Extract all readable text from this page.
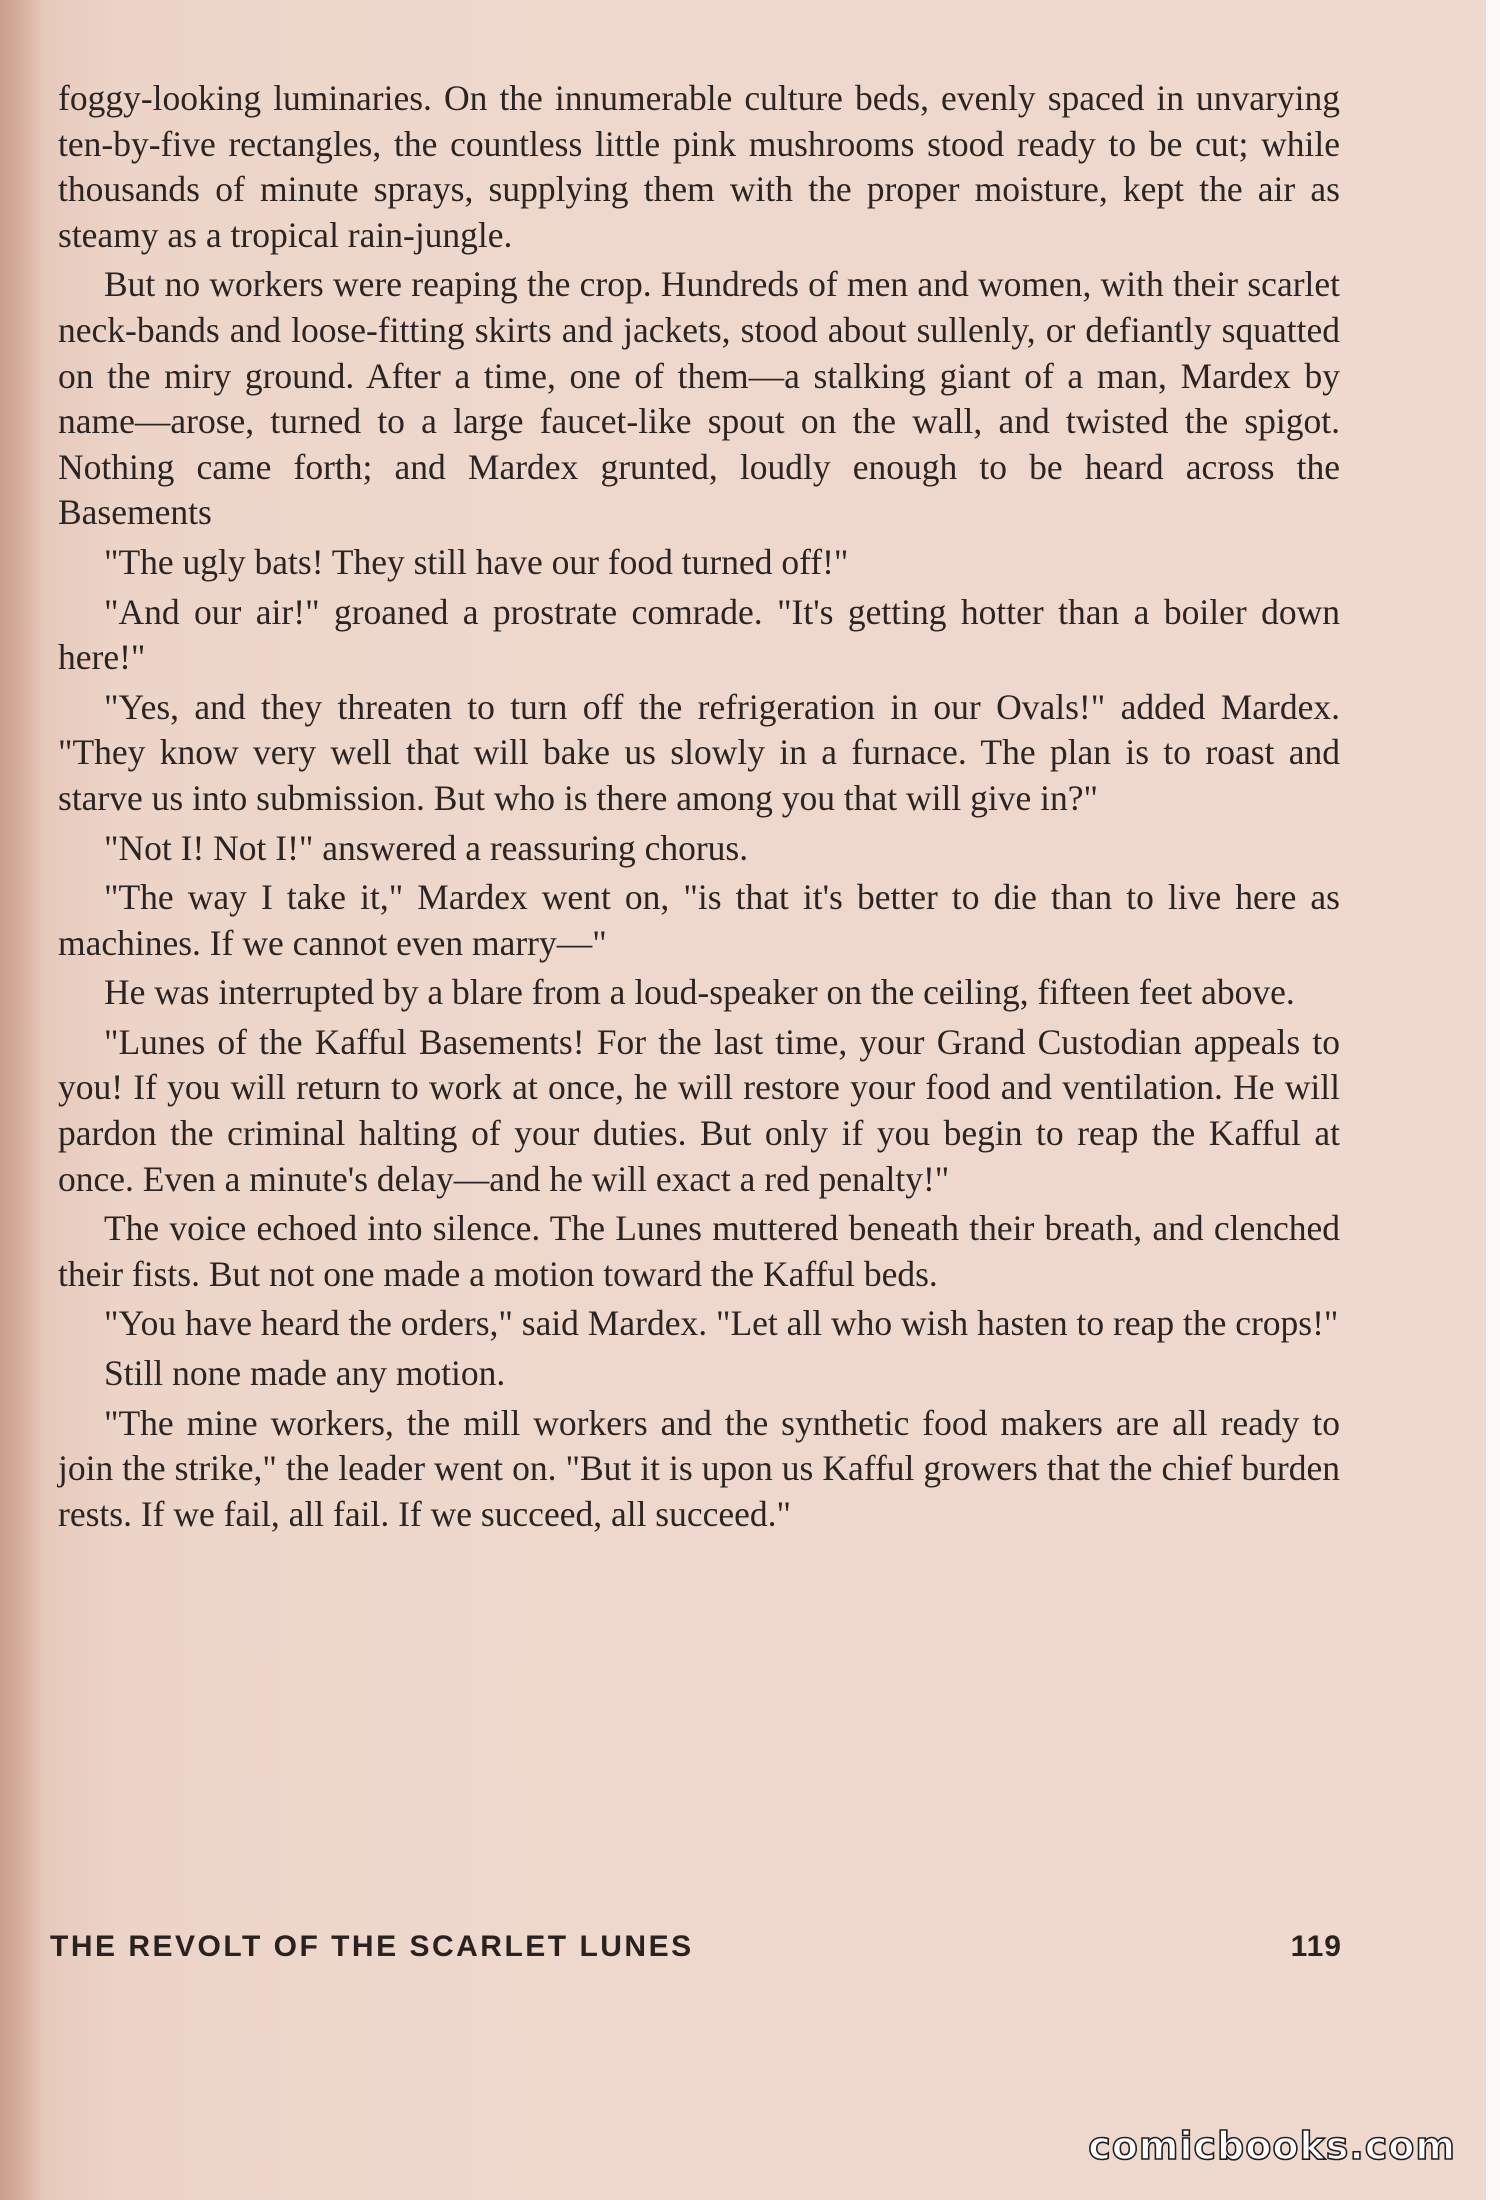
foggy-looking luminaries. On the innumerable culture beds, evenly spaced in unvarying ten-by-five rectangles, the countless little pink mushrooms stood ready to be cut; while thousands of minute sprays, supplying them with the proper moisture, kept the air as steamy as a tropical rain-jungle.

But no workers were reaping the crop. Hundreds of men and women, with their scarlet neck-bands and loose-fitting skirts and jackets, stood about sullenly, or defiantly squatted on the miry ground. After a time, one of them—a stalking giant of a man, Mardex by name—arose, turned to a large faucet-like spout on the wall, and twisted the spigot. Nothing came forth; and Mardex grunted, loudly enough to be heard across the Basements

"The ugly bats! They still have our food turned off!"

"And our air!" groaned a prostrate comrade. "It's getting hotter than a boiler down here!"

"Yes, and they threaten to turn off the refrigeration in our Ovals!" added Mardex. "They know very well that will bake us slowly in a furnace. The plan is to roast and starve us into submission. But who is there among you that will give in?"

"Not I! Not I!" answered a reassuring chorus.

"The way I take it," Mardex went on, "is that it's better to die than to live here as machines. If we cannot even marry—"

He was interrupted by a blare from a loud-speaker on the ceiling, fifteen feet above.

"Lunes of the Kafful Basements! For the last time, your Grand Custodian appeals to you! If you will return to work at once, he will restore your food and ventilation. He will pardon the criminal halting of your duties. But only if you begin to reap the Kafful at once. Even a minute's delay—and he will exact a red penalty!"

The voice echoed into silence. The Lunes muttered beneath their breath, and clenched their fists. But not one made a motion toward the Kafful beds.

"You have heard the orders," said Mardex. "Let all who wish hasten to reap the crops!"

Still none made any motion.

"The mine workers, the mill workers and the synthetic food makers are all ready to join the strike," the leader went on. "But it is upon us Kafful growers that the chief burden rests. If we fail, all fail. If we succeed, all succeed."

THE REVOLT OF THE SCARLET LUNES	119
comicbooks.com
